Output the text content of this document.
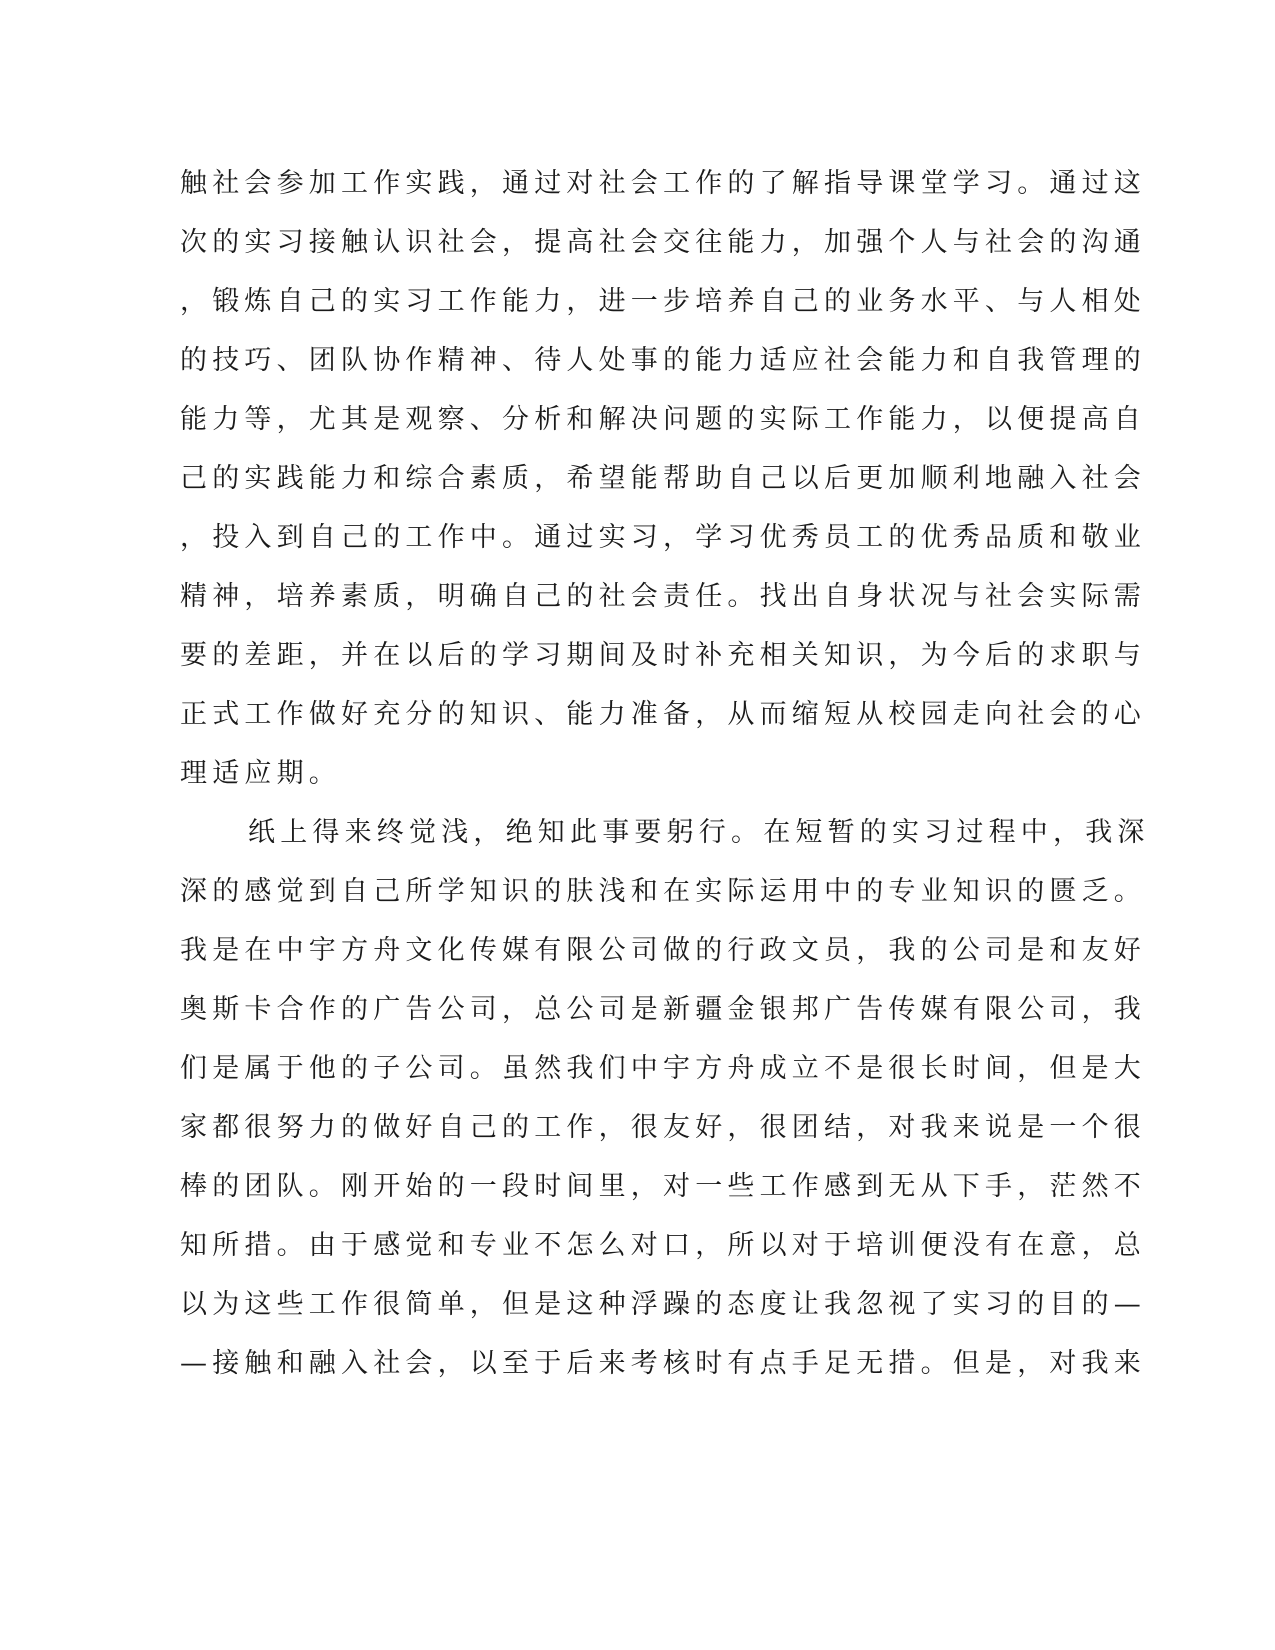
触社会参加工作实践，通过对社会工作的了解指导课堂学习。通过这
次的实习接触认识社会，提高社会交往能力，加强个人与社会的沟通
，锻炼自己的实习工作能力，进一步培养自己的业务水平、与人相处
的技巧、团队协作精神、待人处事的能力适应社会能力和自我管理的
能力等，尤其是观察、分析和解决问题的实际工作能力，以便提高自
己的实践能力和综合素质，希望能帮助自己以后更加顺利地融入社会
，投入到自己的工作中。通过实习，学习优秀员工的优秀品质和敬业
精神，培养素质，明确自己的社会责任。找出自身状况与社会实际需
要的差距，并在以后的学习期间及时补充相关知识，为今后的求职与
正式工作做好充分的知识、能力准备，从而缩短从校园走向社会的心
理适应期。
纸上得来终觉浅，绝知此事要躬行。在短暂的实习过程中，我深
深的感觉到自己所学知识的肤浅和在实际运用中的专业知识的匮乏。
我是在中宇方舟文化传媒有限公司做的行政文员，我的公司是和友好
奥斯卡合作的广告公司，总公司是新疆金银邦广告传媒有限公司，我
们是属于他的子公司。虽然我们中宇方舟成立不是很长时间，但是大
家都很努力的做好自己的工作，很友好，很团结，对我来说是一个很
棒的团队。刚开始的一段时间里，对一些工作感到无从下手，茫然不
知所措。由于感觉和专业不怎么对口，所以对于培训便没有在意，总
以为这些工作很简单，但是这种浮躁的态度让我忽视了实习的目的—
—接触和融入社会，以至于后来考核时有点手足无措。但是，对我来
